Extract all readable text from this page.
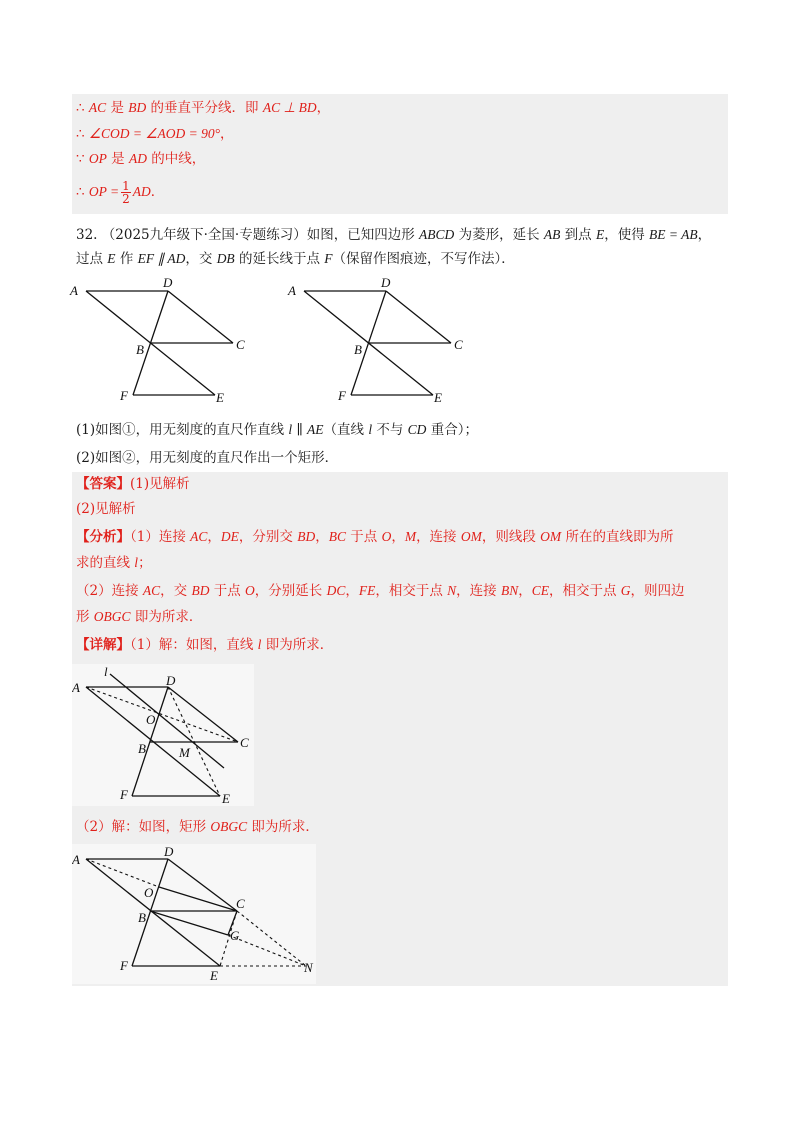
∴ AC 是 BD 的垂直平分线．即 AC ⊥ BD，
∴ ∠COD = ∠AOD = 90°，
∵ OP 是 AD 的中线，
∴ OP = $\frac{1}{2}$ AD．
32. （2025九年级下·全国·专题练习）如图，已知四边形 ABCD 为菱形，延长 AB 到点 E，使得 BE = AB，
过点 E 作 EF ∥ AD，交 DB 的延长线于点 F（保留作图痕迹，不写作法）．
A
D
C
B
F	E
A
D
C
B
F	E
(1)如图①，用无刻度的直尺作直线 l ∥ AE（直线 l 不与 CD 重合）；
(2)如图②，用无刻度的直尺作出一个矩形．
【答案】(1)见解析
(2)见解析
【分析】（1）连接 AC，DE，分别交 BD，BC 于点 O，M，连接 OM，则线段 OM 所在的直线即为所
求的直线 l；
（2）连接 AC，交 BD 于点 O，分别延长 DC，FE，相交于点 N，连接 BN，CE，相交于点 G，则四边
形 OBGC 即为所求．
【详解】（1）解：如图，直线 l 即为所求．
l
A	D
O
C
B	M
F	E
（2）解：如图，矩形 OBGC 即为所求．
A
D
O
C
B
G
N
F
E
